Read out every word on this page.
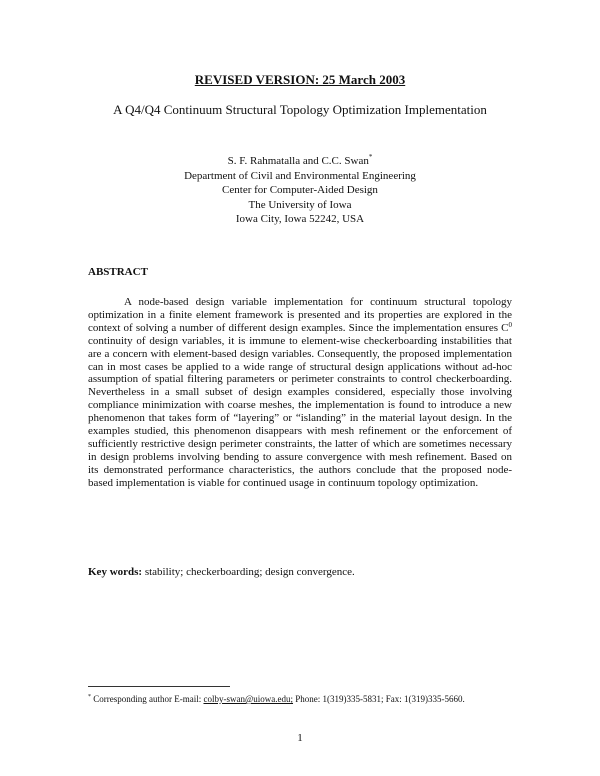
REVISED VERSION: 25 March 2003
A Q4/Q4 Continuum Structural Topology Optimization Implementation
S. F. Rahmatalla and C.C. Swan*
Department of Civil and Environmental Engineering
Center for Computer-Aided Design
The University of Iowa
Iowa City, Iowa 52242, USA
ABSTRACT

A node-based design variable implementation for continuum structural topology optimization in a finite element framework is presented and its properties are explored in the context of solving a number of different design examples. Since the implementation ensures $C^0$ continuity of design variables, it is immune to element-wise checkerboarding instabilities that are a concern with element-based design variables. Consequently, the proposed implementation can in most cases be applied to a wide range of structural design applications without ad-hoc assumption of spatial filtering parameters or perimeter constraints to control checkerboarding. Nevertheless in a small subset of design examples considered, especially those involving compliance minimization with coarse meshes, the implementation is found to introduce a new phenomenon that takes form of “layering” or “islanding” in the material layout design. In the examples studied, this phenomenon disappears with mesh refinement or the enforcement of sufficiently restrictive design perimeter constraints, the latter of which are sometimes necessary in design problems involving bending to assure convergence with mesh refinement. Based on its demonstrated performance characteristics, the authors conclude that the proposed node-based implementation is viable for continued usage in continuum topology optimization.

Key words: stability; checkerboarding; design convergence.
* Corresponding author E-mail: colby-swan@uiowa.edu; Phone: 1(319)335-5831; Fax: 1(319)335-5660.
1
